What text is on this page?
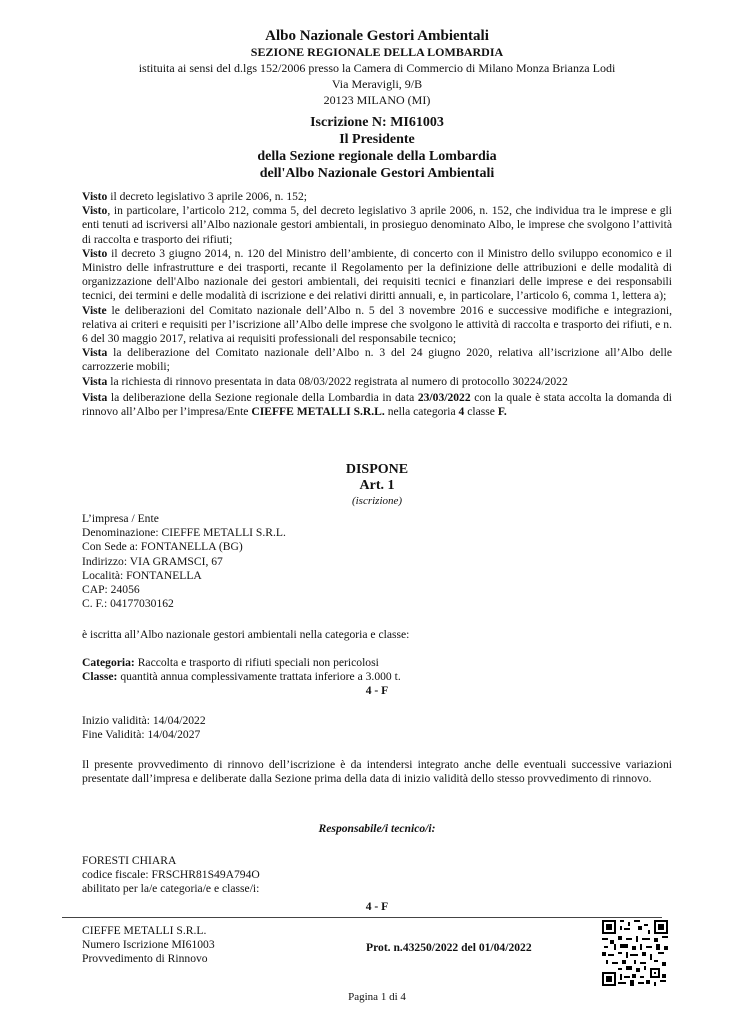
Albo Nazionale Gestori Ambientali
SEZIONE REGIONALE DELLA LOMBARDIA
istituita ai sensi del d.lgs 152/2006 presso la Camera di Commercio di Milano Monza Brianza Lodi
Via Meravigli, 9/B
20123 MILANO (MI)
Iscrizione N: MI61003
Il Presidente
della Sezione regionale della Lombardia
dell'Albo Nazionale Gestori Ambientali

Visto il decreto legislativo 3 aprile 2006, n. 152;

Visto, in particolare, l’articolo 212, comma 5, del decreto legislativo 3 aprile 2006, n. 152, che individua tra le imprese e gli enti tenuti ad iscriversi all’Albo nazionale gestori ambientali, in prosieguo denominato Albo, le imprese che svolgono l’attività di raccolta e trasporto dei rifiuti;

Visto il decreto 3 giugno 2014, n. 120 del Ministro dell’ambiente, di concerto con il Ministro dello sviluppo economico e il Ministro delle infrastrutture e dei trasporti, recante il Regolamento per la definizione delle attribuzioni e delle modalità di organizzazione dell'Albo nazionale dei gestori ambientali, dei requisiti tecnici e finanziari delle imprese e dei responsabili tecnici, dei termini e delle modalità di iscrizione e dei relativi diritti annuali, e, in particolare, l’articolo 6, comma 1, lettera a);

Viste le deliberazioni del Comitato nazionale dell’Albo n. 5 del 3 novembre 2016 e successive modifiche e integrazioni, relativa ai criteri e requisiti per l’iscrizione all’Albo delle imprese che svolgono le attività di raccolta e trasporto dei rifiuti, e n. 6 del 30 maggio 2017, relativa ai requisiti professionali del responsabile tecnico;

Vista la deliberazione del Comitato nazionale dell’Albo n. 3 del 24 giugno 2020, relativa all’iscrizione all’Albo delle carrozzerie mobili;

Vista la richiesta di rinnovo presentata in data 08/03/2022 registrata al numero di protocollo 30224/2022

Vista la deliberazione della Sezione regionale della Lombardia in data 23/03/2022 con la quale è stata accolta la domanda di rinnovo all’Albo per l’impresa/Ente CIEFFE METALLI S.R.L. nella categoria 4 classe F.

DISPONE
Art. 1
(iscrizione)
L’impresa / Ente
Denominazione: CIEFFE METALLI S.R.L.
Con Sede a: FONTANELLA (BG)
Indirizzo: VIA GRAMSCI, 67
Località: FONTANELLA
CAP: 24056
C. F.: 04177030162
è iscritta all’Albo nazionale gestori ambientali nella categoria e classe:
Categoria: Raccolta e trasporto di rifiuti speciali non pericolosi
Classe: quantità annua complessivamente trattata inferiore a 3.000 t.
4 - F
Inizio validità: 14/04/2022
Fine Validità: 14/04/2027
Il presente provvedimento di rinnovo dell’iscrizione è da intendersi integrato anche delle eventuali successive variazioni presentate dall’impresa e deliberate dalla Sezione prima della data di inizio validità dello stesso provvedimento di rinnovo.
Responsabile/i tecnico/i:
FORESTI CHIARA
codice fiscale: FRSCHR81S49A794O
abilitato per la/e categoria/e e classe/i:
4 - F
CIEFFE METALLI S.R.L.
Numero Iscrizione MI61003
Provvedimento di Rinnovo
Prot. n.43250/2022 del 01/04/2022
Pagina 1 di 4
